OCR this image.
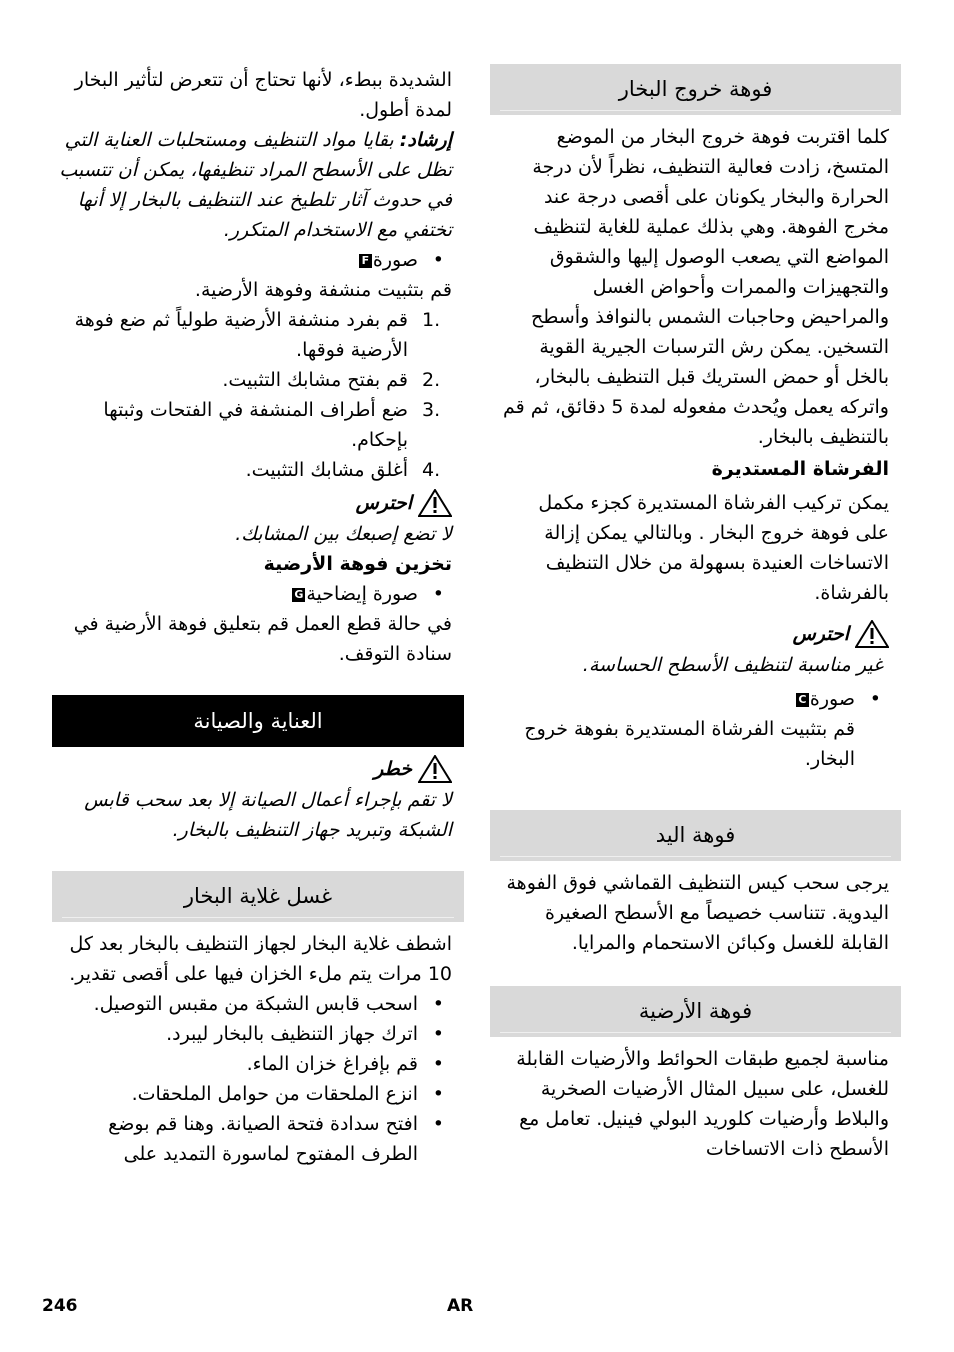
فوهة خروج البخار

كلما اقتربت فوهة خروج البخار من الموضع المتسخ، زادت فعالية التنظيف، نظراً لأن درجة الحرارة والبخار يكونان على أقصى درجة عند مخرج الفوهة. وهي بذلك عملية للغاية لتنظيف المواضع التي يصعب الوصول إليها والشقوق والتجهيزات والممرات وأحواض الغسل والمراحيض وحاجبات الشمس بالنوافذ وأسطح التسخين. يمكن رش الترسبات الجيرية القوية بالخل أو حمض الستريك قبل التنظيف بالبخار، واتركه يعمل ويُحدث مفعوله لمدة 5 دقائق، ثم قم بالتنظيف بالبخار.

الفرشاة المستديرة

يمكن تركيب الفرشاة المستديرة كجزء مكمل على فوهة خروج البخار . وبالتالي يمكن إزالة الاتساخات العنيدة بسهولة من خلال التنظيف بالفرشاة.

احترس

غير مناسبة لتنظيف الأسطح الحساسة.

• صورةC

قم بتثبيت الفرشاة المستديرة بفوهة خروج البخار.

فوهة اليد

يرجى سحب كيس التنظيف القماشي فوق الفوهة اليدوية. تتناسب خصيصاً مع الأسطح الصغيرة القابلة للغسل وكبائن الاستحمام والمرايا.

فوهة الأرضية

مناسبة لجميع طبقات الحوائط والأرضيات القابلة للغسل، على سبيل المثال الأرضيات الصخرية والبلاط وأرضيات كلوريد البولي فينيل. تعامل مع الأسطح ذات الاتساخات

الشديدة ببطء، لأنها تحتاج أن تتعرض لتأثير البخار لمدة أطول.

إرشاد: بقايا مواد التنظيف ومستحلبات العناية التي تظل على الأسطح المراد تنظيفها، يمكن أن تتسبب في حدوث آثار تلطيخ عند التنظيف بالبخار إلا أنها تختفي مع الاستخدام المتكرر.

• صورةF

قم بتثبيت منشفة وفوهة الأرضية.

1.
قم بفرد منشفة الأرضية طولياً ثم ضع فوهة الأرضية فوقها.
2.
قم بفتح مشابك التثبيت.
3.
ضع أطراف المنشفة في الفتحات وثبتها بإحكام.
4.
أغلق مشابك التثبيت.
احترس

لا تضع إصبعك بين المشابك.

تخزين فوهة الأرضية

• صورة إيضاحيةG

في حالة قطع العمل قم بتعليق فوهة الأرضية في سنادة التوقف.

العناية والصيانة
خطر

لا تقم بإجراء أعمال الصيانة إلا بعد سحب قابس الشبكة وتبريد جهاز التنظيف بالبخار.

غسل غلاية البخار

اشطف غلاية البخار لجهاز التنظيف بالبخار بعد كل 10 مرات يتم ملء الخزان فيها على أقصى تقدير.

• اسحب قابس الشبكة من مقبس التوصيل.
• اترك جهاز التنظيف بالبخار ليبرد.
• قم بإفراغ خزان الماء.
• انزع الملحقات من حوامل الملحقات.
• افتح سدادة فتحة الصيانة. وهنا قم بوضع الطرف المفتوح لماسورة التمديد على
246	AR
